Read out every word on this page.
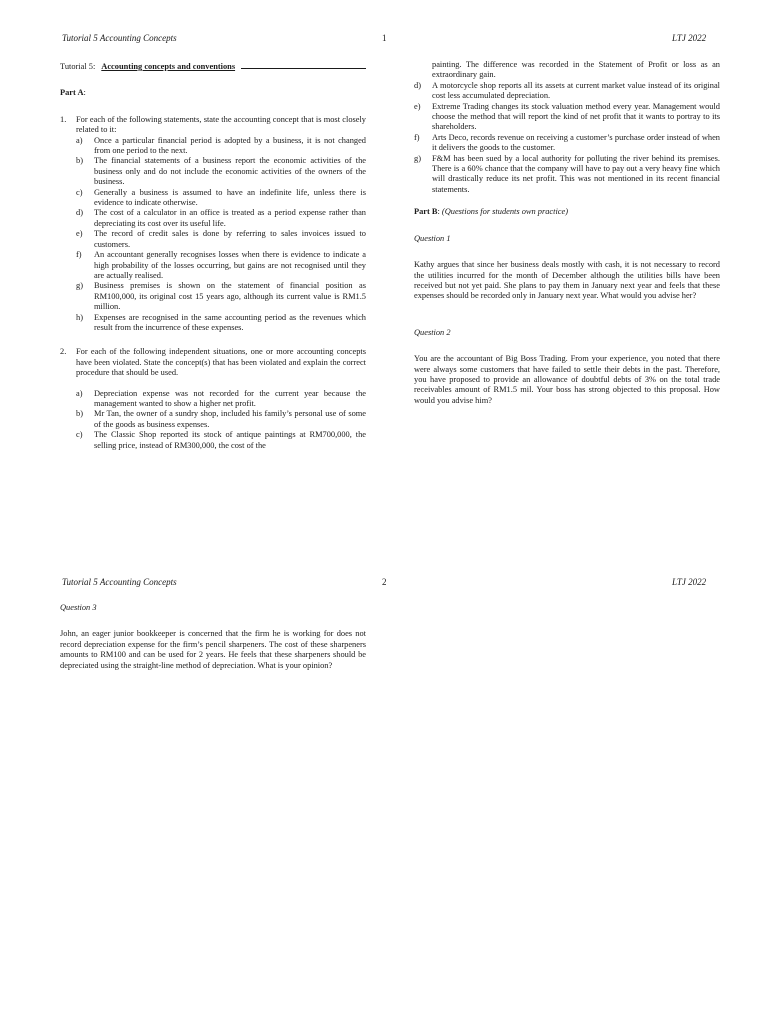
Tutorial 5 Accounting Concepts	1	LTJ 2022
Tutorial 5: Accounting concepts and conventions
Part A:
1.	For each of the following statements, state the accounting concept that is most closely related to it:
a)	Once a particular financial period is adopted by a business, it is not changed from one period to the next.
b)	The financial statements of a business report the economic activities of the business only and do not include the economic activities of the owners of the business.
c)	Generally a business is assumed to have an indefinite life, unless there is evidence to indicate otherwise.
d)	The cost of a calculator in an office is treated as a period expense rather than depreciating its cost over its useful life.
e)	The record of credit sales is done by referring to sales invoices issued to customers.
f)	An accountant generally recognises losses when there is evidence to indicate a high probability of the losses occurring, but gains are not recognised until they are actually realised.
g)	Business premises is shown on the statement of financial position as RM100,000, its original cost 15 years ago, although its current value is RM1.5 million.
h)	Expenses are recognised in the same accounting period as the revenues which result from the incurrence of these expenses.
2.	For each of the following independent situations, one or more accounting concepts have been violated. State the concept(s) that has been violated and explain the correct procedure that should be used.
a)	Depreciation expense was not recorded for the current year because the management wanted to show a higher net profit.
b)	Mr Tan, the owner of a sundry shop, included his family’s personal use of some of the goods as business expenses.
c)	The Classic Shop reported its stock of antique paintings at RM700,000, the selling price, instead of RM300,000, the cost of the
painting. The difference was recorded in the Statement of Profit or loss as an extraordinary gain.
d)	A motorcycle shop reports all its assets at current market value instead of its original cost less accumulated depreciation.
e)	Extreme Trading changes its stock valuation method every year. Management would choose the method that will report the kind of net profit that it wants to portray to its shareholders.
f)	Arts Deco, records revenue on receiving a customer’s purchase order instead of when it delivers the goods to the customer.
g)	F&M has been sued by a local authority for polluting the river behind its premises. There is a 60% chance that the company will have to pay out a very heavy fine which will drastically reduce its net profit. This was not mentioned in its recent financial statements.
Part B: (Questions for students own practice)
Question 1
Kathy argues that since her business deals mostly with cash, it is not necessary to record the utilities incurred for the month of December although the utilities bills have been received but not yet paid. She plans to pay them in January next year and feels that these expenses should be recorded only in January next year. What would you advise her?
Question 2
You are the accountant of Big Boss Trading. From your experience, you noted that there were always some customers that have failed to settle their debts in the past. Therefore, you have proposed to provide an allowance of doubtful debts of 3% on the total trade receivables amount of RM1.5 mil. Your boss has strong objected to this proposal. How would you advise him?
Tutorial 5 Accounting Concepts	2	LTJ 2022
Question 3
John, an eager junior bookkeeper is concerned that the firm he is working for does not record depreciation expense for the firm’s pencil sharpeners. The cost of these sharpeners amounts to RM100 and can be used for 2 years. He feels that these sharpeners should be depreciated using the straight-line method of depreciation. What is your opinion?
